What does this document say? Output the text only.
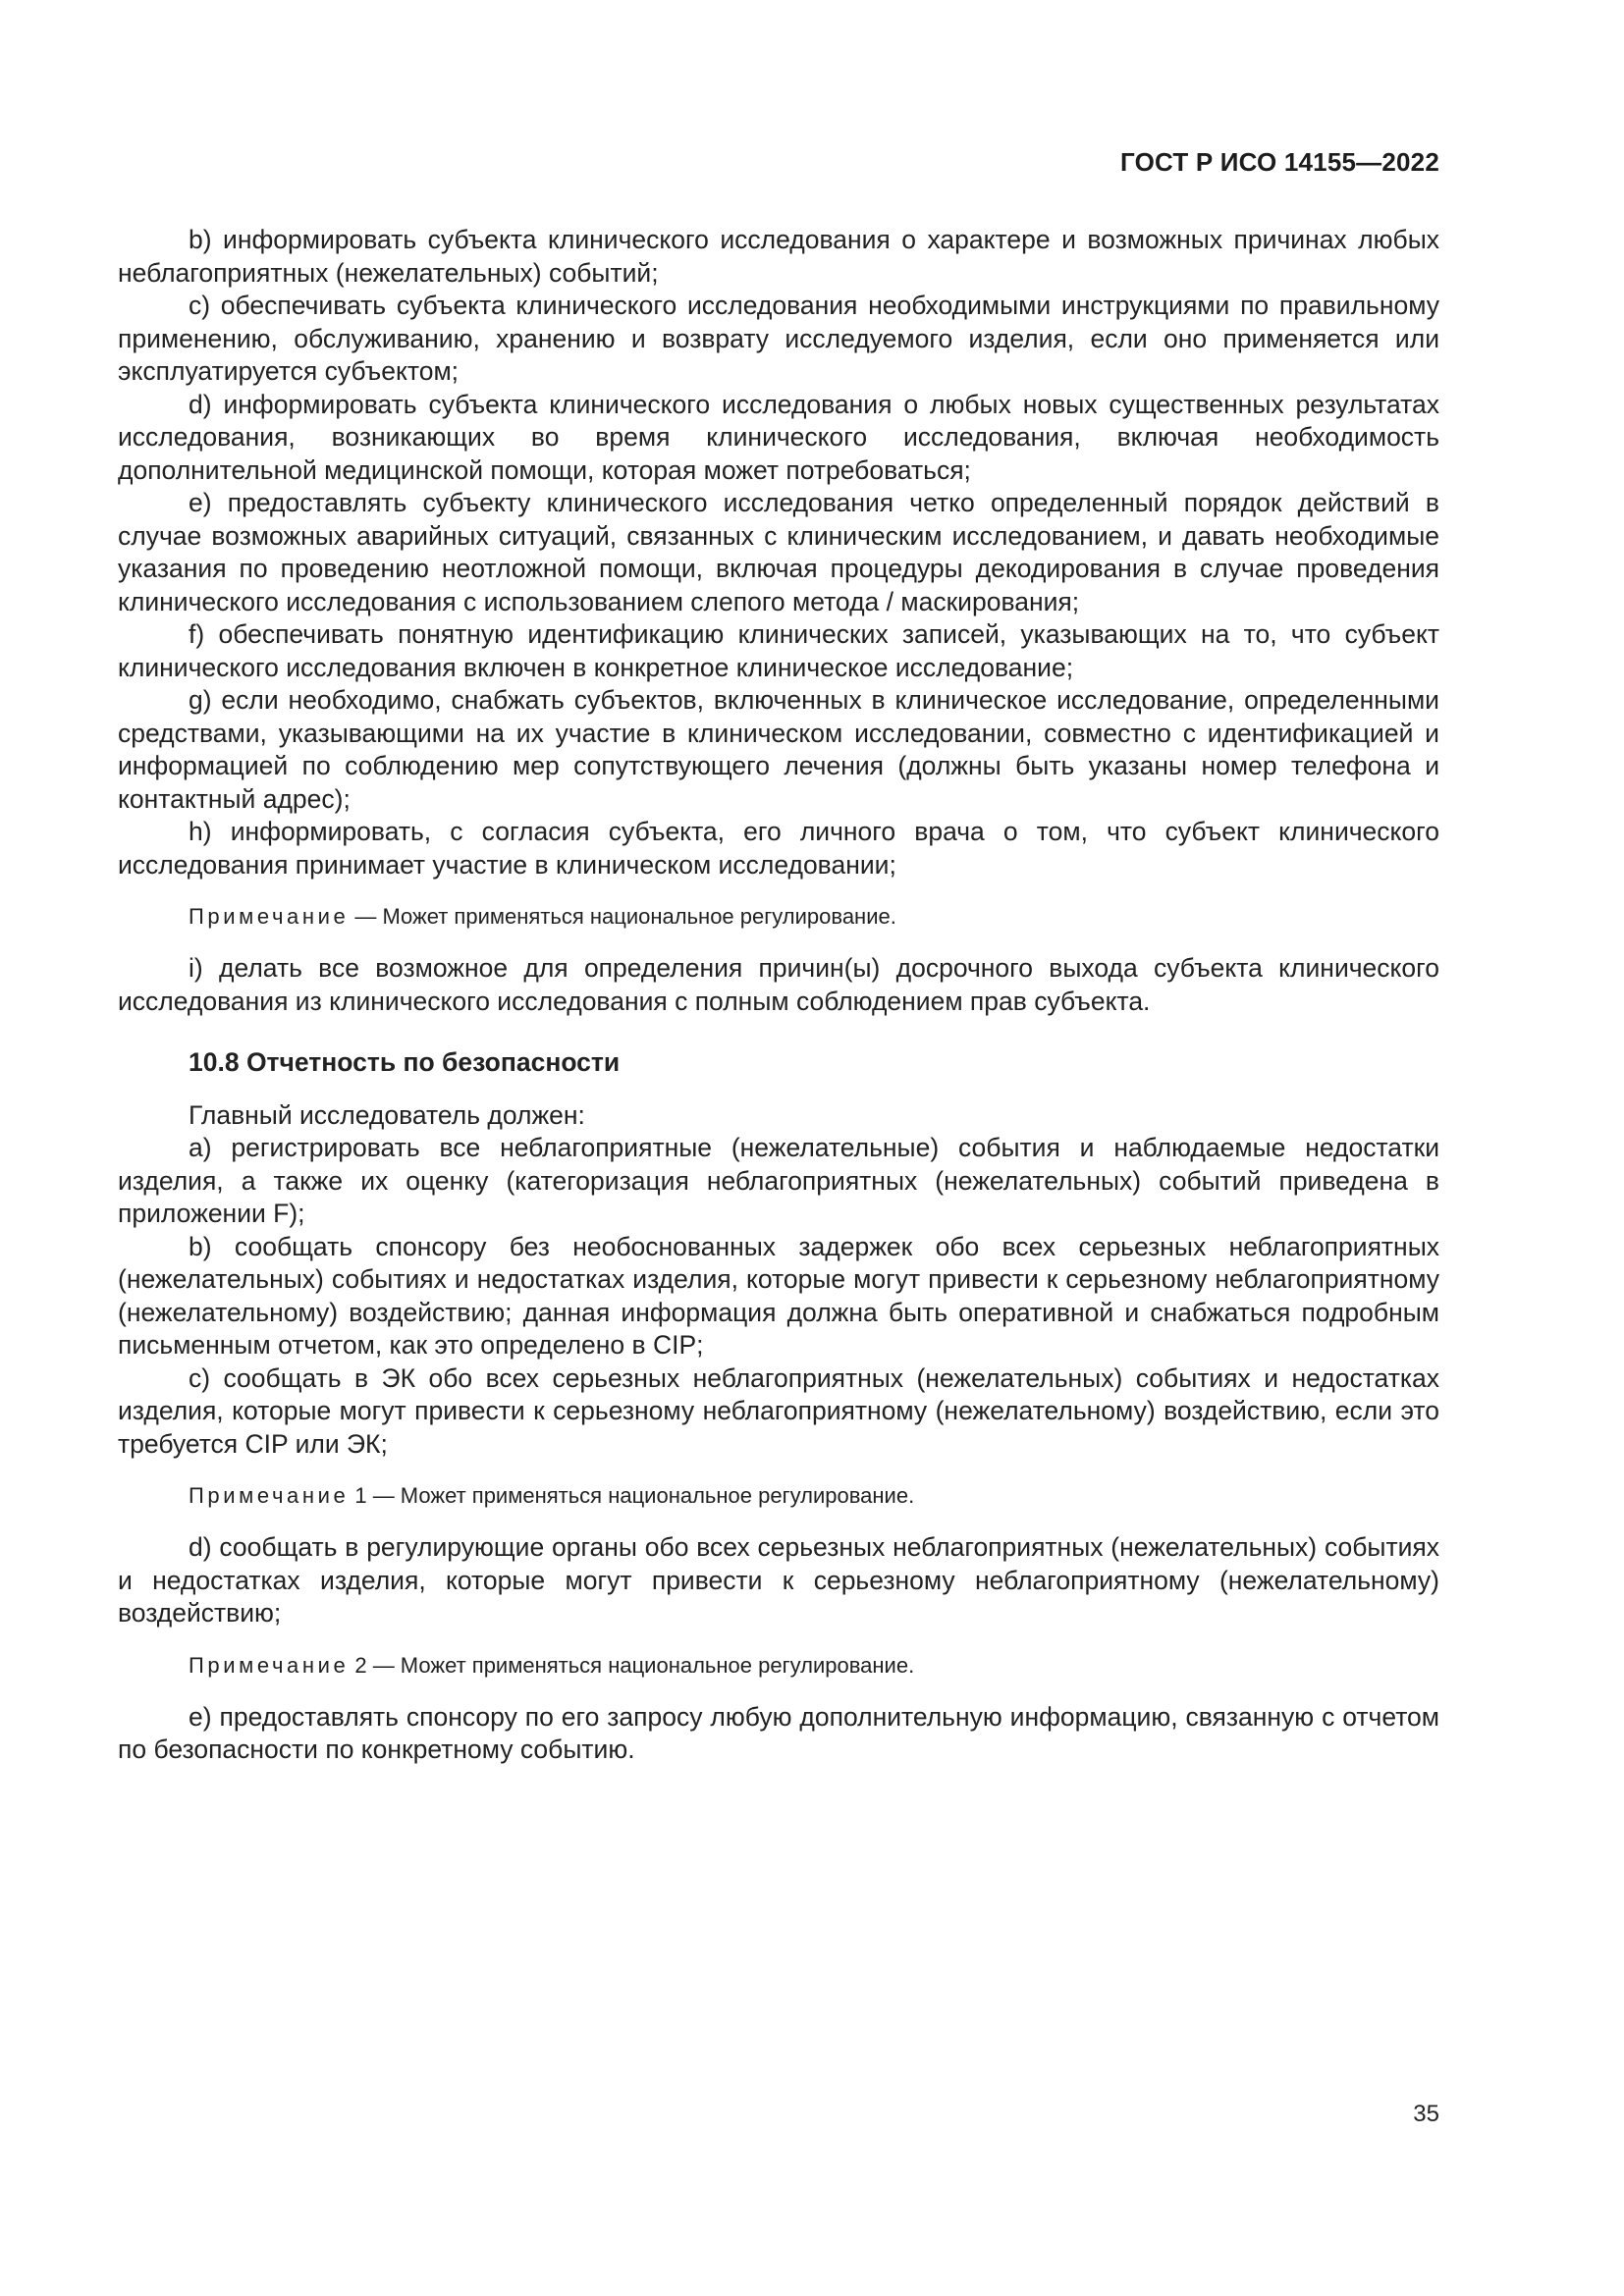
ГОСТ Р ИСО 14155—2022

b) информировать субъекта клинического исследования о характере и возможных причинах любых неблагоприятных (нежелательных) событий;

c) обеспечивать субъекта клинического исследования необходимыми инструкциями по правильному применению, обслуживанию, хранению и возврату исследуемого изделия, если оно применяется или эксплуатируется субъектом;

d) информировать субъекта клинического исследования о любых новых существенных результатах исследования, возникающих во время клинического исследования, включая необходимость дополнительной медицинской помощи, которая может потребоваться;

e) предоставлять субъекту клинического исследования четко определенный порядок действий в случае возможных аварийных ситуаций, связанных с клиническим исследованием, и давать необходимые указания по проведению неотложной помощи, включая процедуры декодирования в случае проведения клинического исследования с использованием слепого метода / маскирования;

f) обеспечивать понятную идентификацию клинических записей, указывающих на то, что субъект клинического исследования включен в конкретное клиническое исследование;

g) если необходимо, снабжать субъектов, включенных в клиническое исследование, определенными средствами, указывающими на их участие в клиническом исследовании, совместно с идентификацией и информацией по соблюдению мер сопутствующего лечения (должны быть указаны номер телефона и контактный адрес);

h) информировать, с согласия субъекта, его личного врача о том, что субъект клинического исследования принимает участие в клиническом исследовании;

Примечание — Может применяться национальное регулирование.

i) делать все возможное для определения причин(ы) досрочного выхода субъекта клинического исследования из клинического исследования с полным соблюдением прав субъекта.

10.8 Отчетность по безопасности

Главный исследователь должен:

a) регистрировать все неблагоприятные (нежелательные) события и наблюдаемые недостатки изделия, а также их оценку (категоризация неблагоприятных (нежелательных) событий приведена в приложении F);

b) сообщать спонсору без необоснованных задержек обо всех серьезных неблагоприятных (нежелательных) событиях и недостатках изделия, которые могут привести к серьезному неблагоприятному (нежелательному) воздействию; данная информация должна быть оперативной и снабжаться подробным письменным отчетом, как это определено в CIP;

c) сообщать в ЭК обо всех серьезных неблагоприятных (нежелательных) событиях и недостатках изделия, которые могут привести к серьезному неблагоприятному (нежелательному) воздействию, если это требуется CIP или ЭК;

Примечание 1 — Может применяться национальное регулирование.

d) сообщать в регулирующие органы обо всех серьезных неблагоприятных (нежелательных) событиях и недостатках изделия, которые могут привести к серьезному неблагоприятному (нежелательному) воздействию;

Примечание 2 — Может применяться национальное регулирование.

e) предоставлять спонсору по его запросу любую дополнительную информацию, связанную с отчетом по безопасности по конкретному событию.

35
